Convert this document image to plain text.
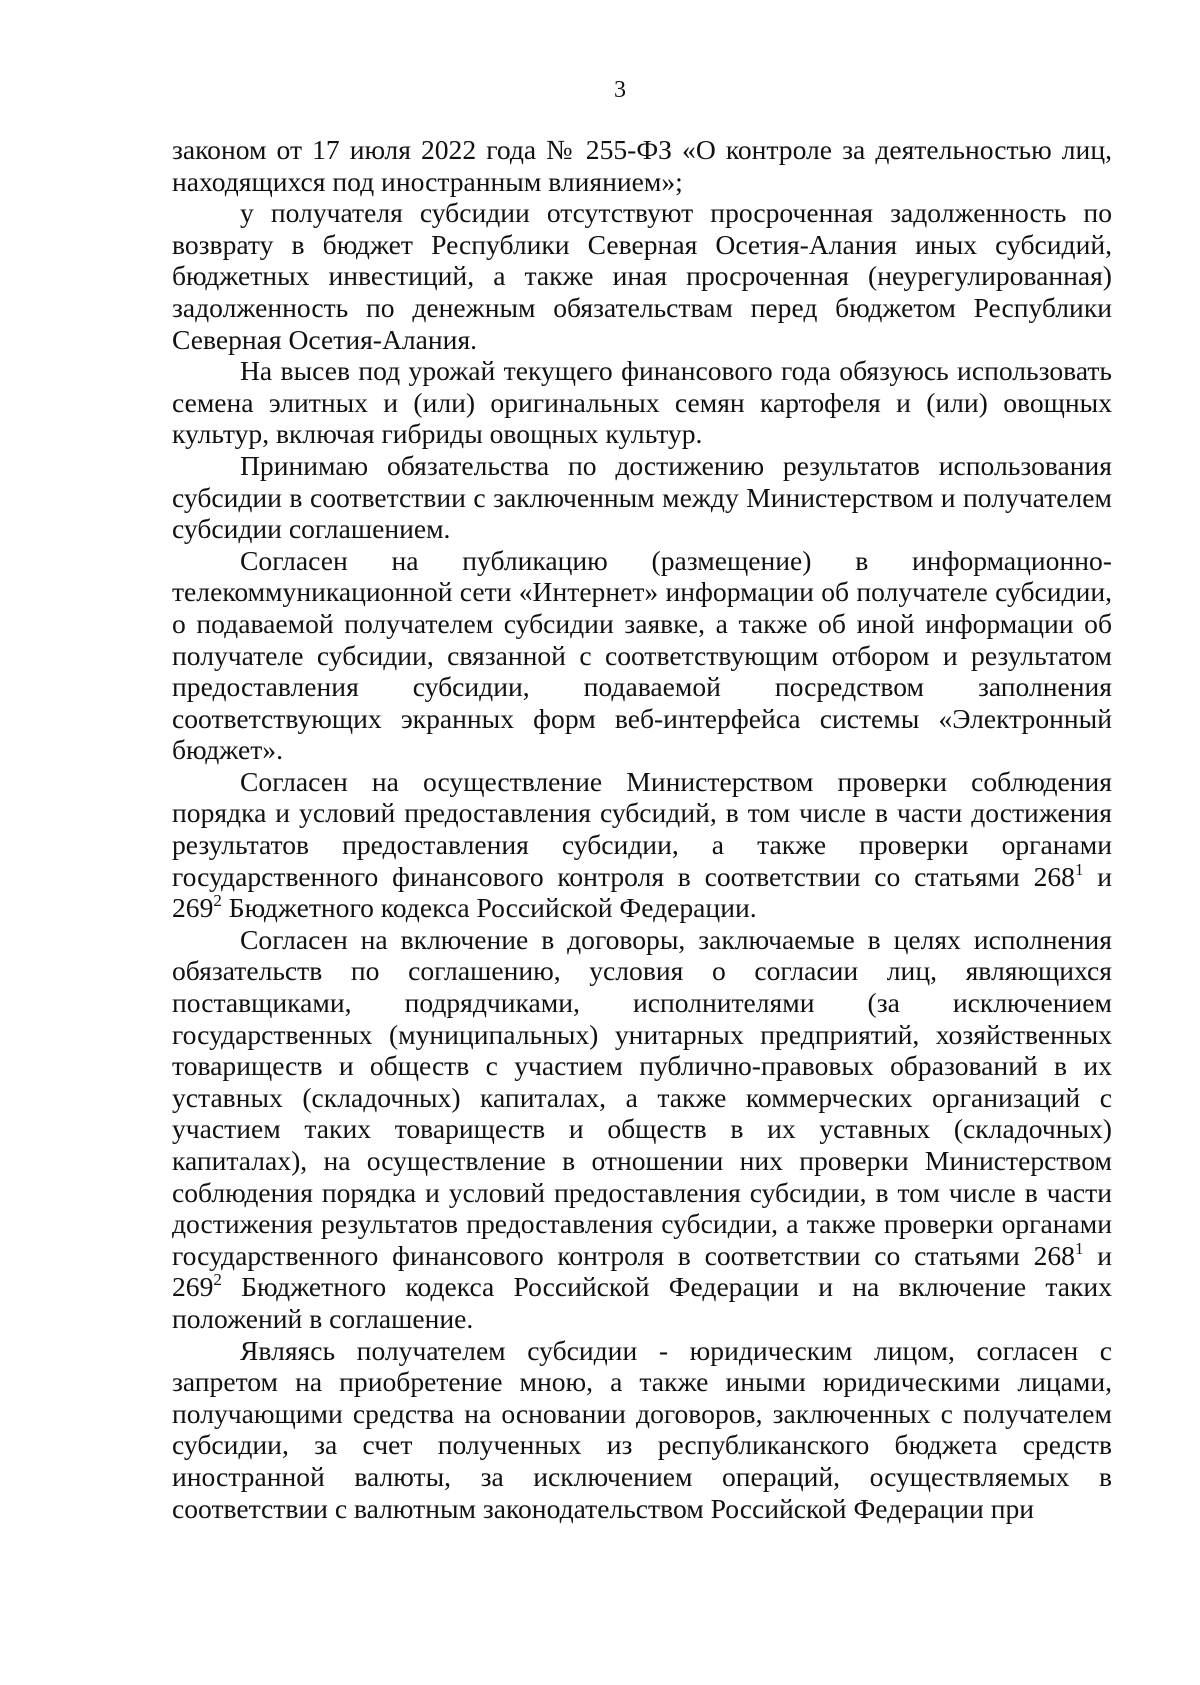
3

законом от 17 июля 2022 года № 255-ФЗ «О контроле за деятельностью лиц, находящихся под иностранным влиянием»;

у получателя субсидии отсутствуют просроченная задолженность по возврату в бюджет Республики Северная Осетия-Алания иных субсидий, бюджетных инвестиций, а также иная просроченная (неурегулированная) задолженность по денежным обязательствам перед бюджетом Республики Северная Осетия-Алания.

На высев под урожай текущего финансового года обязуюсь использовать семена элитных и (или) оригинальных семян картофеля и (или) овощных культур, включая гибриды овощных культур.

Принимаю обязательства по достижению результатов использования субсидии в соответствии с заключенным между Министерством и получателем субсидии соглашением.

Согласен на публикацию (размещение) в информационно-телекоммуникационной сети «Интернет» информации об получателе субсидии, о подаваемой получателем субсидии заявке, а также об иной информации об получателе субсидии, связанной с соответствующим отбором и результатом предоставления субсидии, подаваемой посредством заполнения соответствующих экранных форм веб-интерфейса системы «Электронный бюджет».

Согласен на осуществление Министерством проверки соблюдения порядка и условий предоставления субсидий, в том числе в части достижения результатов предоставления субсидии, а также проверки органами государственного финансового контроля в соответствии со статьями $268^1$ и $269^2$ Бюджетного кодекса Российской Федерации.

Согласен на включение в договоры, заключаемые в целях исполнения обязательств по соглашению, условия о согласии лиц, являющихся поставщиками, подрядчиками, исполнителями (за исключением государственных (муниципальных) унитарных предприятий, хозяйственных товариществ и обществ с участием публично-правовых образований в их уставных (складочных) капиталах, а также коммерческих организаций с участием таких товариществ и обществ в их уставных (складочных) капиталах), на осуществление в отношении них проверки Министерством соблюдения порядка и условий предоставления субсидии, в том числе в части достижения результатов предоставления субсидии, а также проверки органами государственного финансового контроля в соответствии со статьями $268^1$ и $269^2$ Бюджетного кодекса Российской Федерации и на включение таких положений в соглашение.

Являясь получателем субсидии - юридическим лицом, согласен с запретом на приобретение мною, а также иными юридическими лицами, получающими средства на основании договоров, заключенных с получателем субсидии, за счет полученных из республиканского бюджета средств иностранной валюты, за исключением операций, осуществляемых в соответствии с валютным законодательством Российской Федерации при
